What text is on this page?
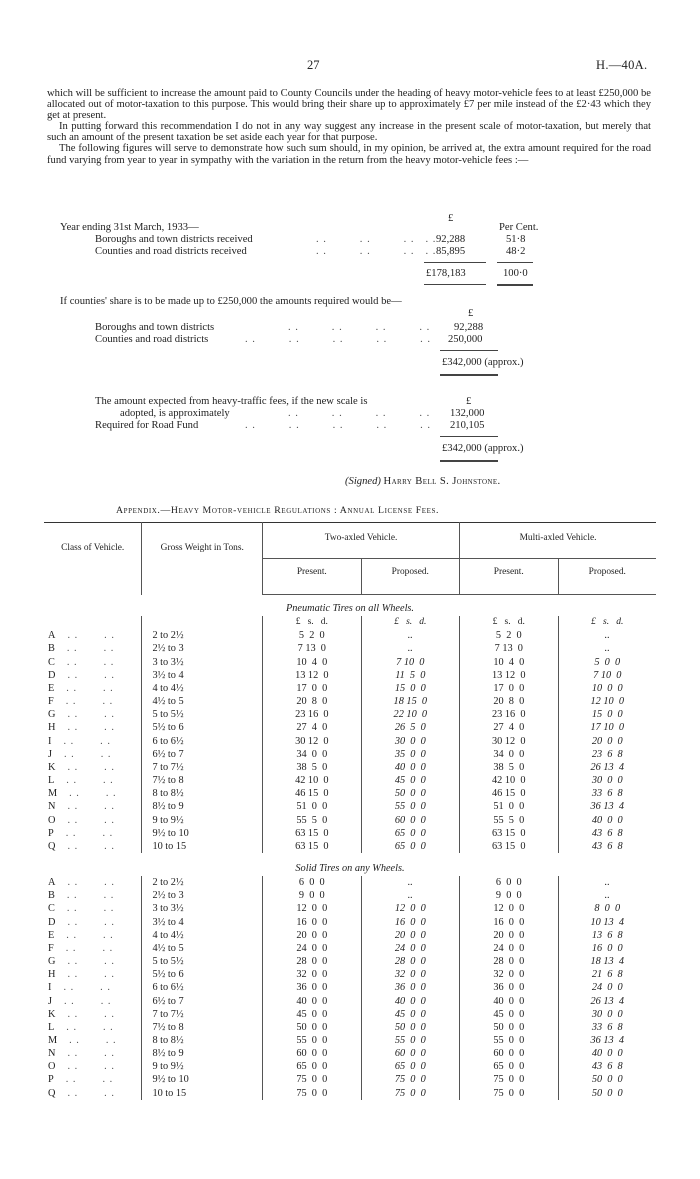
27	H.—40A.

which will be sufficient to increase the amount paid to County Councils under the heading of heavy motor-vehicle fees to at least £250,000 be allocated out of motor-taxation to this purpose. This would bring their share up to approximately £7 per mile instead of the £2·43 which they get at present.

In putting forward this recommendation I do not in any way suggest any increase in the present scale of motor-taxation, but merely that such an amount of the present taxation be set aside each year for that purpose.

The following figures will serve to demonstrate how such sum should, in my opinion, be arrived at, the extra amount required for the road fund varying from year to year in sympathy with the variation in the return from the heavy motor-vehicle fees :—

Year ending 31st March, 1933—
£
Per Cent.
Boroughs and town districts received	. .         . .         . .   . . 92,288	51·8
Counties and road districts received	. .         . .         . .   . . 85,895	48·2
£178,183	100·0
If counties' share is to be made up to £250,000 the amounts required would be—
£
Boroughs and town districts	. .         . .         . .         . . 92,288
Counties and road districts	. .         . .         . .         . .         . . 250,000
£342,000 (approx.)
The amount expected from heavy-traffic fees, if the new scale is	£
adopted, is approximately	. .         . .         . .         . . 132,000
Required for Road Fund	. .         . .         . .         . .         . . 210,105
£342,000 (approx.)
(Signed) Harry Bell S. Johnstone.
Appendix.—Heavy Motor-vehicle Regulations : Annual License Fees.
Class of Vehicle.	Gross Weight in Tons.	Two-axled Vehicle.		Multi-axled Vehicle.	
		Present.	Proposed.	Present.	Proposed.
Pneumatic Tires on all Wheels.					
		£   s.   d.	£   s.   d.	£   s.   d.	£   s.   d.
A . . . .	2 to 2½	5  2  0	..	5  2  0	..
B . . . .	2½ to 3	7 13  0	..	7 13  0	..
C . . . .	3 to 3½	10  4  0	7 10  0	10  4  0	5  0  0
D . . . .	3½ to 4	13 12  0	11  5  0	13 12  0	7 10  0
E . . . .	4 to 4½	17  0  0	15  0  0	17  0  0	10  0  0
F . . . .	4½ to 5	20  8  0	18 15  0	20  8  0	12 10  0
G . . . .	5 to 5½	23 16  0	22 10  0	23 16  0	15  0  0
H . . . .	5½ to 6	27  4  0	26  5  0	27  4  0	17 10  0
I . . . .	6 to 6½	30 12  0	30  0  0	30 12  0	20  0  0
J . . . .	6½ to 7	34  0  0	35  0  0	34  0  0	23  6  8
K . . . .	7 to 7½	38  5  0	40  0  0	38  5  0	26 13  4
L . . . .	7½ to 8	42 10  0	45  0  0	42 10  0	30  0  0
M . . . .	8 to 8½	46 15  0	50  0  0	46 15  0	33  6  8
N . . . .	8½ to 9	51  0  0	55  0  0	51  0  0	36 13  4
O . . . .	9 to 9½	55  5  0	60  0  0	55  5  0	40  0  0
P . . . .	9½ to 10	63 15  0	65  0  0	63 15  0	43  6  8
Q . . . .	10 to 15	63 15  0	65  0  0	63 15  0	43  6  8

Solid Tires on any Wheels.					
A . . . .	2 to 2½	6  0  0	..	6  0  0	..
B . . . .	2½ to 3	9  0  0	..	9  0  0	..
C . . . .	3 to 3½	12  0  0	12  0  0	12  0  0	8  0  0
D . . . .	3½ to 4	16  0  0	16  0  0	16  0  0	10 13  4
E . . . .	4 to 4½	20  0  0	20  0  0	20  0  0	13  6  8
F . . . .	4½ to 5	24  0  0	24  0  0	24  0  0	16  0  0
G . . . .	5 to 5½	28  0  0	28  0  0	28  0  0	18 13  4
H . . . .	5½ to 6	32  0  0	32  0  0	32  0  0	21  6  8
I . . . .	6 to 6½	36  0  0	36  0  0	36  0  0	24  0  0
J . . . .	6½ to 7	40  0  0	40  0  0	40  0  0	26 13  4
K . . . .	7 to 7½	45  0  0	45  0  0	45  0  0	30  0  0
L . . . .	7½ to 8	50  0  0	50  0  0	50  0  0	33  6  8
M . . . .	8 to 8½	55  0  0	55  0  0	55  0  0	36 13  4
N . . . .	8½ to 9	60  0  0	60  0  0	60  0  0	40  0  0
O . . . .	9 to 9½	65  0  0	65  0  0	65  0  0	43  6  8
P . . . .	9½ to 10	75  0  0	75  0  0	75  0  0	50  0  0
Q . . . .	10 to 15	75  0  0	75  0  0	75  0  0	50  0  0
